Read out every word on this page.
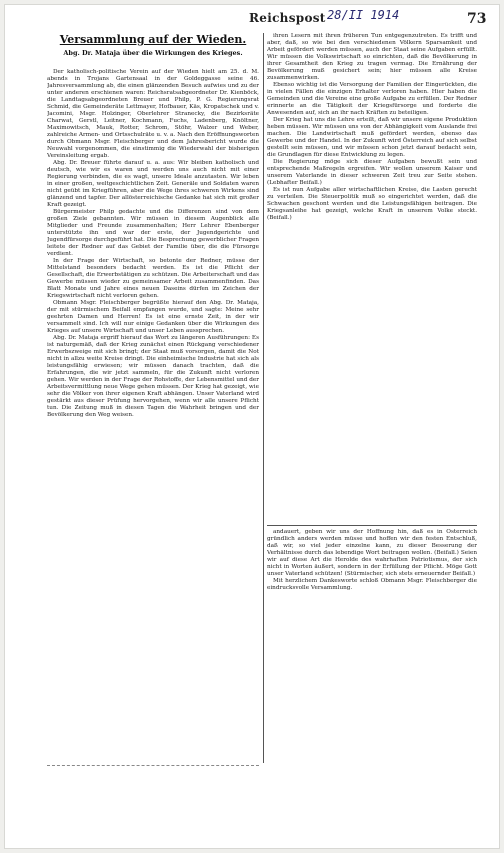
Reichspost 28/II 1914	73
Versammlung auf der Wieden.
Abg. Dr. Mataja über die Wirkungen des Krieges.

Der katholisch-politische Verein auf der Wieden hielt am 25. d. M. abends in Trojans Gartensaal in der Goldeggasse seine 46. Jahresversammlung ab, die einen glänzenden Besuch aufwies und zu der unter anderen erschienen waren: Reichsratsabgeordneter Dr. Kienböck, die Landtagsabgeordneten Breuer und Philp, P. G. Regierungsrat Schmid, die Gemeinderäte Lettmayer, Hofbauer, Käs, Kropatschek und v. Jacomini, Msgr. Holzinger, Oberlehrer Stranecky, die Bezirksräte Charwat, Gerstl, Leitner, Kochmann, Fuchs, Ladenberg, Knöltner, Maximowitsch, Mauk, Rotter, Schrom, Stöhr, Walzer und Weber, zahlreiche Armen- und Ortsschulräte u. v. a. Nach den Eröffnungsworten durch Obmann Msgr. Fleischberger und dem Jahresbericht wurde die Neuwahl vorgenommen, die einstimmig die Wiederwahl der bisherigen Vereinsleitung ergab.

Abg. Dr. Breuer führte darauf u. a. aus: Wir bleiben katholisch und deutsch, wie wir es waren und werden uns auch nicht mit einer Regierung verbinden, die es wagt, unsere Ideale anzutasten. Wir leben in einer großen, weltgeschichtlichen Zeit. Generäle und Soldaten waren nicht geübt im Kriegführen, aber die Wege ihres schweren Wirkens sind glänzend und tapfer. Der allösterreichische Gedanke hat sich mit großer Kraft gezeigt.

Bürgermeister Philp gedachte und die Differenzen sind von dem großen Ziele gebannten. Wir müssen in diesem Augenblick alle Mitglieder und Freunde zusammenhalten; Herr Lehrer Ebenberger unterstützte ihn und war der erste, der Jugendgerichte und Jugendfürsorge durchgeführt hat. Die Besprechung gewerblicher Fragen leitete der Redner auf das Gebiet der Familie über, die die Fürsorge verdient.

In der Frage der Wirtschaft, so betonte der Redner, müsse der Mittelstand besonders bedacht werden. Es ist die Pflicht der Gesellschaft, die Erwerbstätigen zu schützen. Die Arbeiterschaft und das Gewerbe müssen wieder zu gemeinsamer Arbeit zusammenfinden. Das Blatt Monate und Jahre eines neuen Daseins dürfen im Zeichen der Kriegswirtschaft nicht verloren gehen.

Obmann Msgr. Fleischberger begrüßte hierauf den Abg. Dr. Mataja, der mit stürmischem Beifall empfangen wurde, und sagte: Meine sehr geehrten Damen und Herren! Es ist eine ernste Zeit, in der wir versammelt sind. Ich will nur einige Gedanken über die Wirkungen des Krieges auf unsere Wirtschaft und unser Leben aussprechen.

Abg. Dr. Mataja ergriff hierauf das Wort zu längeren Ausführungen: Es ist naturgemäß, daß der Krieg zunächst einen Rückgang verschiedener Erwerbszweige mit sich bringt; der Staat muß vorsorgen, damit die Not nicht in allzu weite Kreise dringt. Die einheimische Industrie hat sich als leistungsfähig erwiesen; wir müssen danach trachten, daß die Erfahrungen, die wir jetzt sammeln, für die Zukunft nicht verloren gehen. Wir werden in der Frage der Rohstoffe, der Lebensmittel und der Arbeitsvermittlung neue Wege gehen müssen. Der Krieg hat gezeigt, wie sehr die Völker von ihrer eigenen Kraft abhängen. Unser Vaterland wird gestärkt aus dieser Prüfung hervorgehen, wenn wir alle unsere Pflicht tun. Die Zeitung muß in diesen Tagen die Wahrheit bringen und der Bevölkerung den Weg weisen.

ihren Lesern mit ihren früheren Tun entgegenzutreten. Es trifft und aber, daß, so wie bei den verschiedenen Völkern Sparsamkeit und Arbeit gefördert werden müssen, auch der Staat seine Aufgaben erfüllt. Wir müssen die Volkswirtschaft so einrichten, daß die Bevölkerung in ihrer Gesamtheit den Krieg zu tragen vermag. Die Ernährung der Bevölkerung muß gesichert sein; hier müssen alle Kreise zusammenwirken.

Ebenso wichtig ist die Versorgung der Familien der Eingerückten, die in vielen Fällen die einzigen Erhalter verloren haben. Hier haben die Gemeinden und die Vereine eine große Aufgabe zu erfüllen. Der Redner erinnerte an die Tätigkeit der Kriegsfürsorge und forderte die Anwesenden auf, sich an ihr nach Kräften zu beteiligen.

Der Krieg hat uns die Lehre erteilt, daß wir unsere eigene Produktion heben müssen. Wir müssen uns von der Abhängigkeit vom Auslande frei machen. Die Landwirtschaft muß gefördert werden, ebenso das Gewerbe und der Handel. In der Zukunft wird Österreich auf sich selbst gestellt sein müssen, und wir müssen schon jetzt darauf bedacht sein, die Grundlagen für diese Entwicklung zu legen.

Die Regierung möge sich dieser Aufgaben bewußt sein und entsprechende Maßregeln ergreifen. Wir wollen unserem Kaiser und unserem Vaterlande in dieser schweren Zeit treu zur Seite stehen. (Lebhafter Beifall.)

Es ist nun Aufgabe aller wirtschaftlichen Kreise, die Lasten gerecht zu verteilen. Die Steuerpolitik muß so eingerichtet werden, daß die Schwachen geschont werden und die Leistungsfähigen beitragen. Die Kriegsanleihe hat gezeigt, welche Kraft in unserem Volke steckt. (Beifall.)

andauert, geben wir uns der Hoffnung hin, daß es in Österreich gründlich anders werden müsse und hoffen wir den festen Entschluß, daß wir, so viel jeder einzelne kann, zu dieser Besserung der Verhältnisse durch das lebendige Wort beitragen wollen. (Beifall.) Seien wir auf diese Art die Herolde des wahrhaften Patriotismus, der sich nicht in Worten äußert, sondern in der Erfüllung der Pflicht. Möge Gott unser Vaterland schützen! (Stürmischer, sich stets erneuernder Beifall.)

Mit herzlichem Dankesworte schloß Obmann Msgr. Fleischberger die eindrucksvolle Versammlung.
